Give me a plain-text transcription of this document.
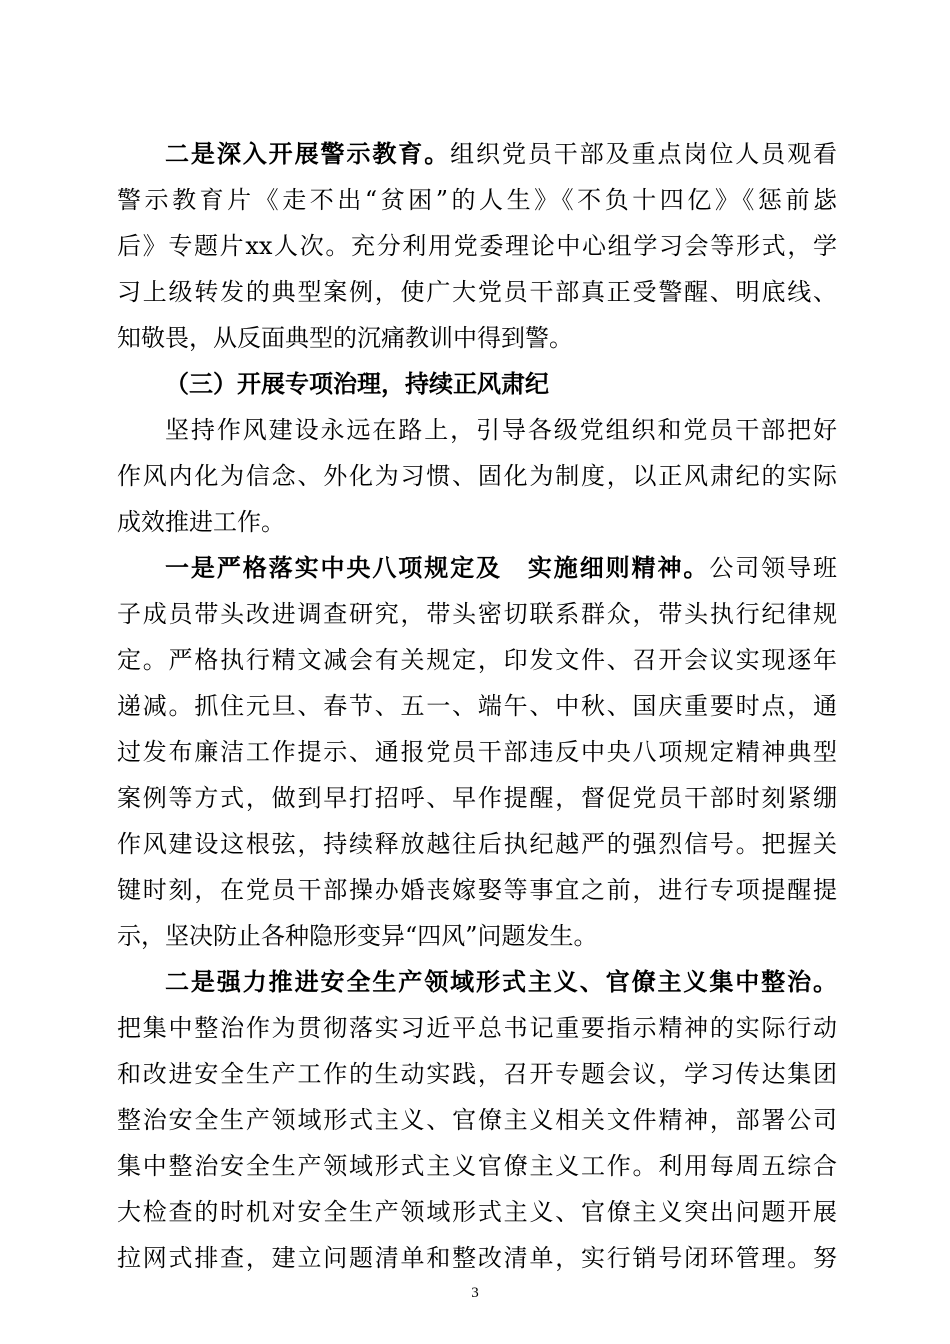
二是深入开展警示教育。组织党员干部及重点岗位人员观看
警示教育片《走不出“贫困”的人生》《不负十四亿》《惩前毖
后》专题片xx人次。充分利用党委理论中心组学习会等形式，学
习上级转发的典型案例，使广大党员干部真正受警醒、明底线、
知敬畏，从反面典型的沉痛教训中得到警。
（三）开展专项治理，持续正风肃纪
坚持作风建设永远在路上，引导各级党组织和党员干部把好
作风内化为信念、外化为习惯、固化为制度，以正风肃纪的实际
成效推进工作。
一是严格落实中央八项规定及　实施细则精神。公司领导班
子成员带头改进调查研究，带头密切联系群众，带头执行纪律规
定。严格执行精文减会有关规定，印发文件、召开会议实现逐年
递减。抓住元旦、春节、五一、端午、中秋、国庆重要时点，通
过发布廉洁工作提示、通报党员干部违反中央八项规定精神典型
案例等方式，做到早打招呼、早作提醒，督促党员干部时刻紧绷
作风建设这根弦，持续释放越往后执纪越严的强烈信号。把握关
键时刻，在党员干部操办婚丧嫁娶等事宜之前，进行专项提醒提
示，坚决防止各种隐形变异“四风”问题发生。
二是强力推进安全生产领域形式主义、官僚主义集中整治。
把集中整治作为贯彻落实习近平总书记重要指示精神的实际行动
和改进安全生产工作的生动实践，召开专题会议，学习传达集团
整治安全生产领域形式主义、官僚主义相关文件精神，部署公司
集中整治安全生产领域形式主义官僚主义工作。利用每周五综合
大检查的时机对安全生产领域形式主义、官僚主义突出问题开展
拉网式排查，建立问题清单和整改清单，实行销号闭环管理。努
3
